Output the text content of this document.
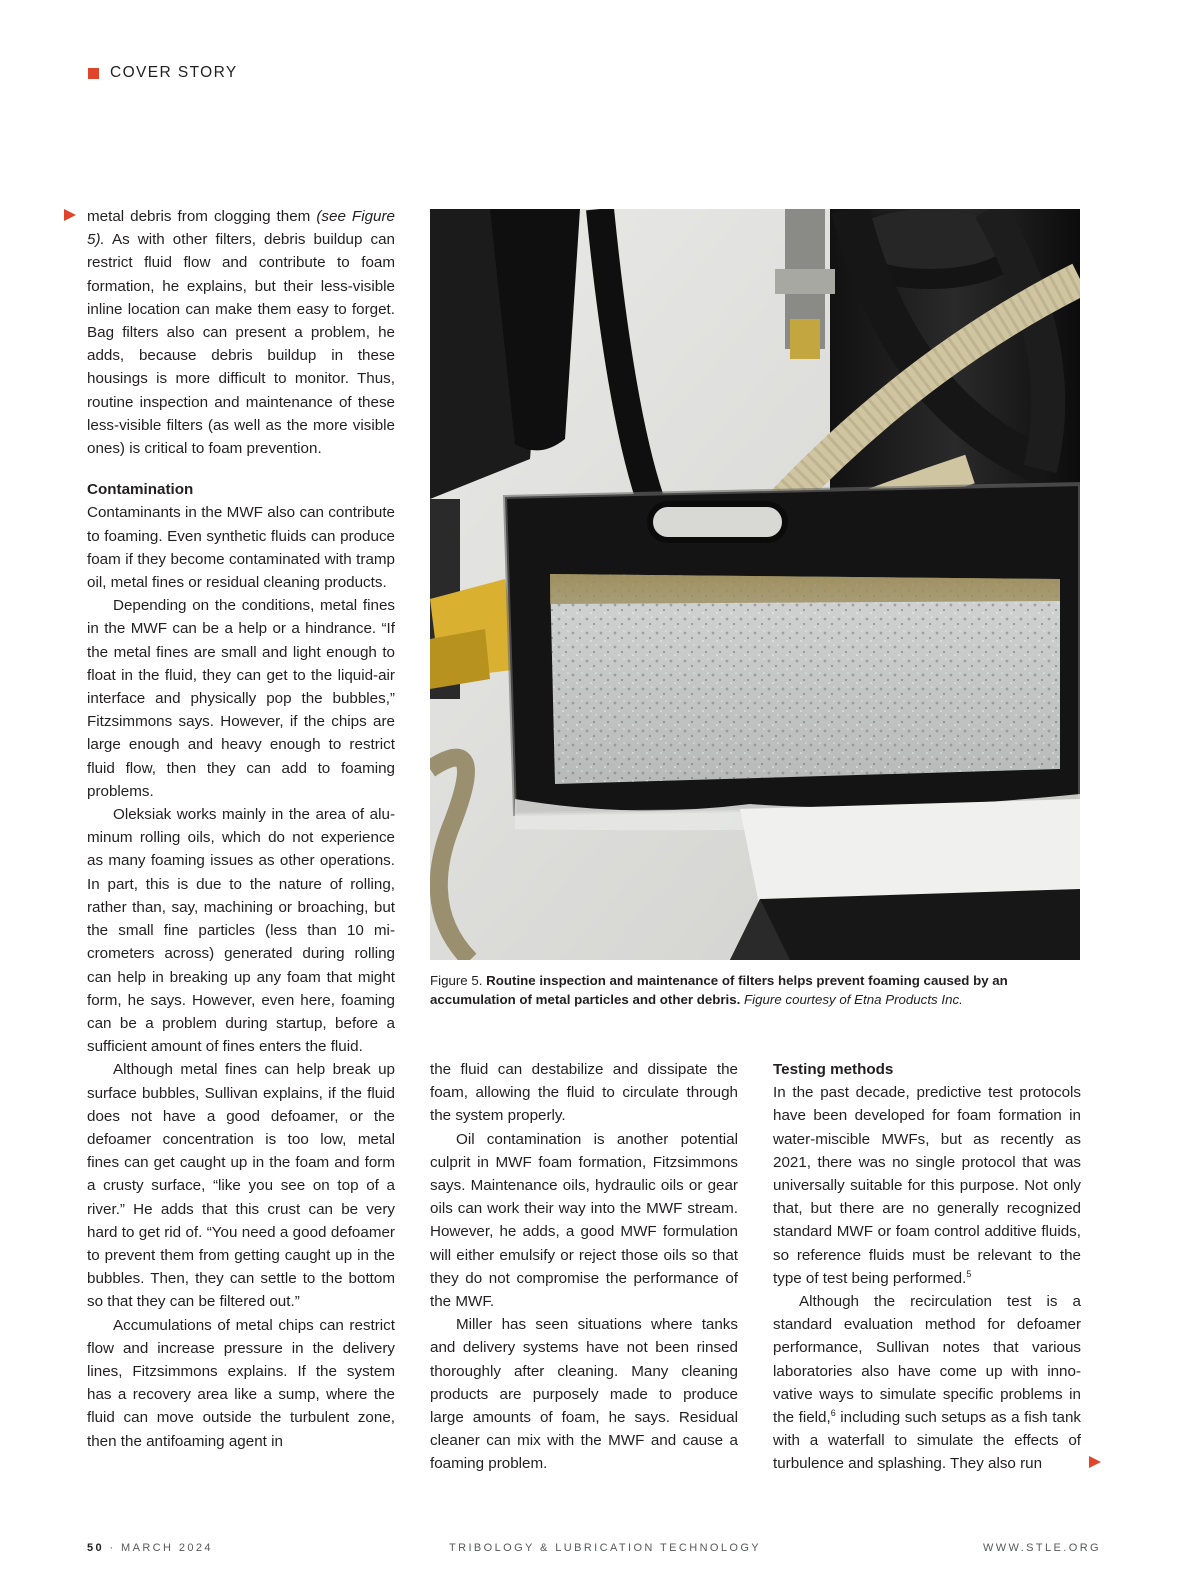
COVER STORY

metal debris from clogging them (see Figure 5). As with other filters, debris buildup can restrict fluid flow and contribute to foam formation, he explains, but their less-visible inline location can make them easy to forget. Bag filters also can present a problem, he adds, because debris buildup in these housings is more difficult to monitor. Thus, routine inspection and maintenance of these less-visible filters (as well as the more visible ones) is critical to foam prevention.

Contamination

Contaminants in the MWF also can contribute to foaming. Even synthetic fluids can produce foam if they become contaminated with tramp oil, metal fines or residual cleaning products.

Depending on the conditions, metal fines in the MWF can be a help or a hindrance. “If the metal fines are small and light enough to float in the fluid, they can get to the liquid-air interface and physically pop the bubbles,” Fitzsimmons says. However, if the chips are large enough and heavy enough to restrict fluid flow, then they can add to foaming problems.

Oleksiak works mainly in the area of aluminum rolling oils, which do not experience as many foaming issues as other operations. In part, this is due to the nature of rolling, rather than, say, machining or broaching, but the small fine particles (less than 10 micrometers across) generated during rolling can help in breaking up any foam that might form, he says. However, even here, foaming can be a problem during startup, before a sufficient amount of fines enters the fluid.

Although metal fines can help break up surface bubbles, Sullivan explains, if the fluid does not have a good defoamer, or the defoamer concentration is too low, metal fines can get caught up in the foam and form a crusty surface, “like you see on top of a river.” He adds that this crust can be very hard to get rid of. “You need a good defoamer to prevent them from getting caught up in the bubbles. Then, they can settle to the bottom so that they can be filtered out.”

Accumulations of metal chips can restrict flow and increase pressure in the delivery lines, Fitzsimmons explains. If the system has a recovery area like a sump, where the fluid can move outside the turbulent zone, then the antifoaming agent in

Figure 5. Routine inspection and maintenance of filters helps prevent foaming caused by an accumulation of metal particles and other debris. Figure courtesy of Etna Products Inc.

the fluid can destabilize and dissipate the foam, allowing the fluid to circulate through the system properly.

Oil contamination is another potential culprit in MWF foam formation, Fitzsimmons says. Maintenance oils, hydraulic oils or gear oils can work their way into the MWF stream. However, he adds, a good MWF formulation will either emulsify or reject those oils so that they do not compromise the performance of the MWF.

Miller has seen situations where tanks and delivery systems have not been rinsed thoroughly after cleaning. Many cleaning products are purposely made to produce large amounts of foam, he says. Residual cleaner can mix with the MWF and cause a foaming problem.

Testing methods

In the past decade, predictive test protocols have been developed for foam formation in water-miscible MWFs, but as recently as 2021, there was no single protocol that was universally suitable for this purpose. Not only that, but there are no generally recognized standard MWF or foam control additive fluids, so reference fluids must be relevant to the type of test being performed.$^5$

Although the recirculation test is a standard evaluation method for defoamer performance, Sullivan notes that various laboratories also have come up with innovative ways to simulate specific problems in the field,$^6$ including such setups as a fish tank with a waterfall to simulate the effects of turbulence and splashing. They also run

50 · MARCH 2024	TRIBOLOGY & LUBRICATION TECHNOLOGY	WWW.STLE.ORG
